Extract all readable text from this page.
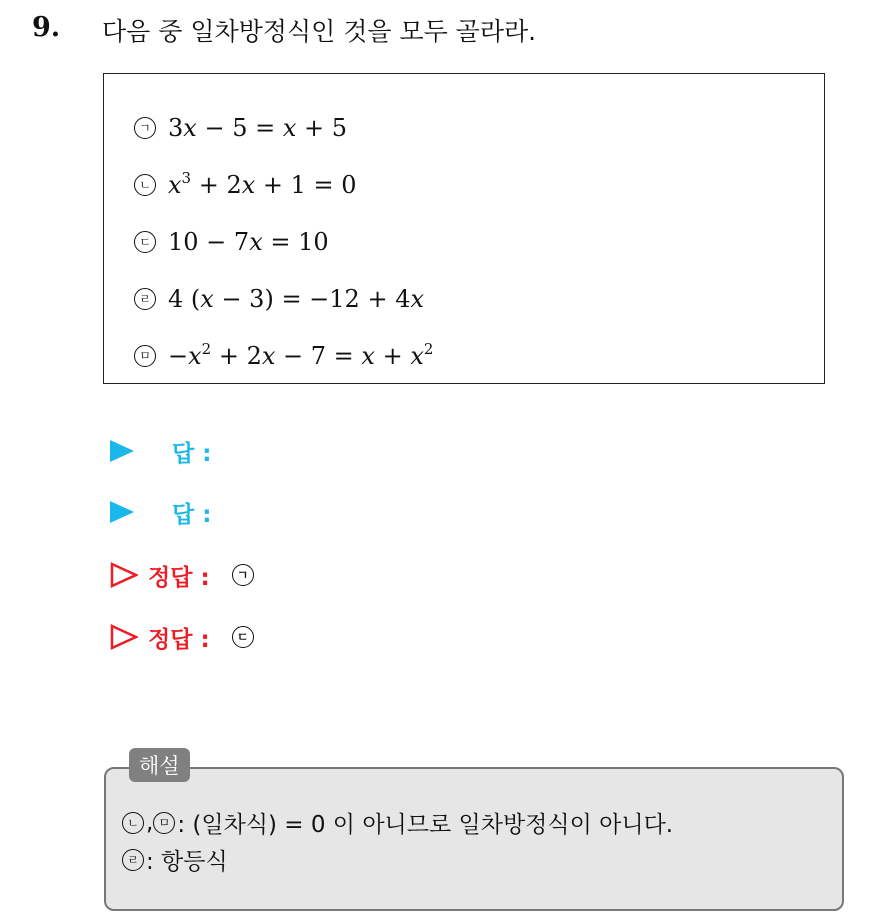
9. 다음 중 일차방정식인 것을 모두 골라라.
ㄱ 3x − 5 = x + 5
ㄴ $x^3 + 2x + 1 = 0$
ㄷ 10 − 7x = 10
ㄹ 4 (x − 3) = −12 + 4x
ㅁ $-x^2 + 2x - 7 = x + x^2$
답 :
답 :
정답 :	ㄱ
정답 :	ㄷ
해설
ㄴ , ㅁ : (일차식) = 0 이 아니므로 일차방정식이 아니다.
ㄹ : 항등식
